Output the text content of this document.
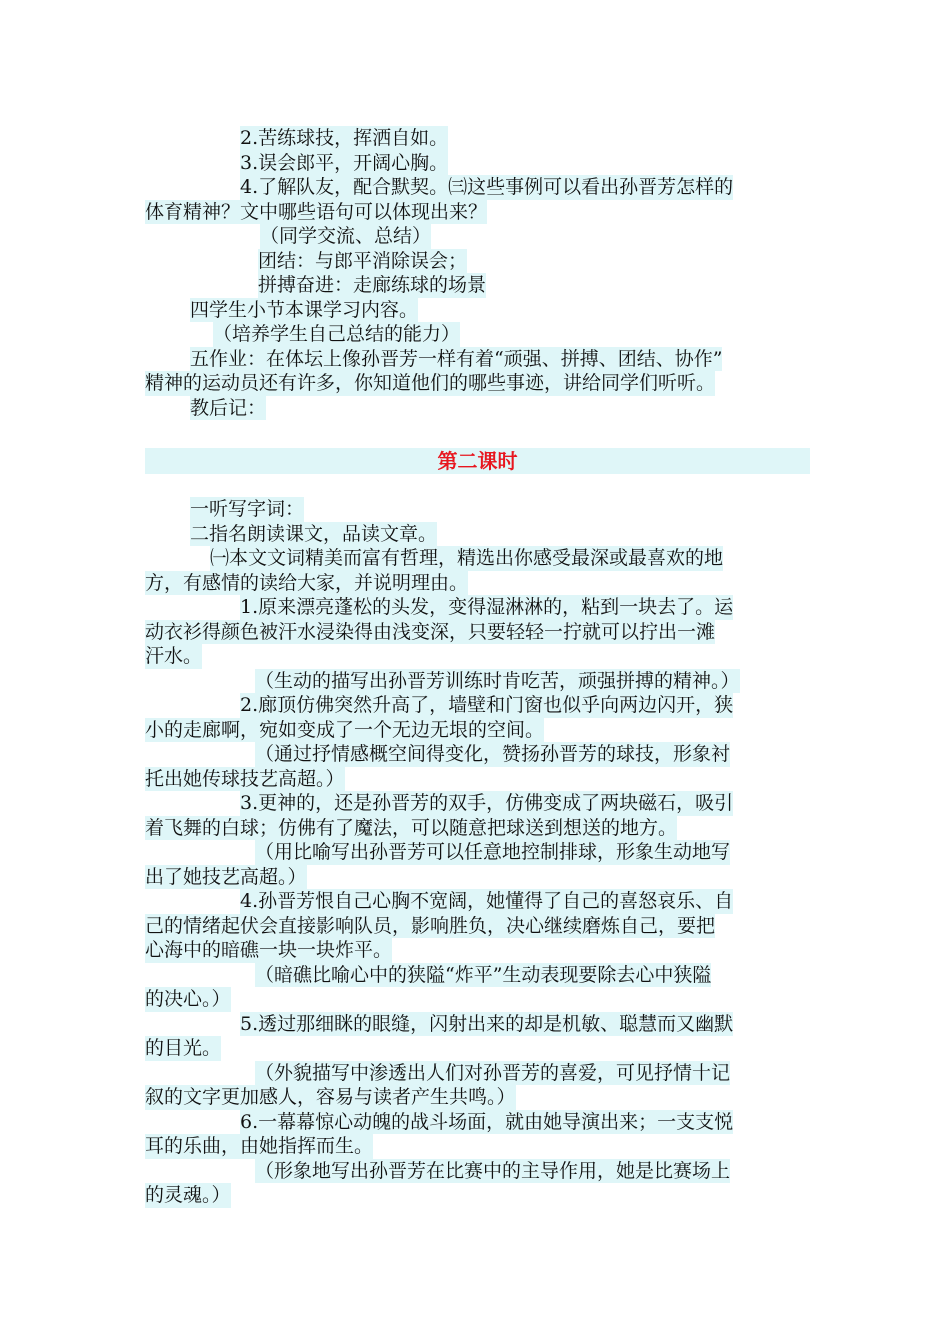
2.苦练球技，挥洒自如。
3.误会郎平，开阔心胸。
4.了解队友，配合默契。㈢这些事例可以看出孙晋芳怎样的
体育精神？文中哪些语句可以体现出来？
（同学交流、总结）
团结：与郎平消除误会；
拼搏奋进：走廊练球的场景
四学生小节本课学习内容。
（培养学生自己总结的能力）
五作业：在体坛上像孙晋芳一样有着“顽强、拼搏、团结、协作”
精神的运动员还有许多，你知道他们的哪些事迹，讲给同学们听听。
教后记：
第二课时
一听写字词：
二指名朗读课文，品读文章。
㈠本文文词精美而富有哲理，精选出你感受最深或最喜欢的地
方，有感情的读给大家，并说明理由。
1.原来漂亮蓬松的头发，变得湿淋淋的，粘到一块去了。运
动衣衫得颜色被汗水浸染得由浅变深，只要轻轻一拧就可以拧出一滩
汗水。
（生动的描写出孙晋芳训练时肯吃苦，顽强拼搏的精神。）
2.廊顶仿佛突然升高了，墙壁和门窗也似乎向两边闪开，狭
小的走廊啊，宛如变成了一个无边无垠的空间。
（通过抒情感概空间得变化，赞扬孙晋芳的球技，形象衬
托出她传球技艺高超。）
3.更神的，还是孙晋芳的双手，仿佛变成了两块磁石，吸引
着飞舞的白球；仿佛有了魔法，可以随意把球送到想送的地方。
（用比喻写出孙晋芳可以任意地控制排球，形象生动地写
出了她技艺高超。）
4.孙晋芳恨自己心胸不宽阔，她懂得了自己的喜怒哀乐、自
己的情绪起伏会直接影响队员，影响胜负，决心继续磨炼自己，要把
心海中的暗礁一块一块炸平。
（暗礁比喻心中的狭隘“炸平”生动表现要除去心中狭隘
的决心。）
5.透过那细眯的眼缝，闪射出来的却是机敏、聪慧而又幽默
的目光。
（外貌描写中渗透出人们对孙晋芳的喜爱，可见抒情十记
叙的文字更加感人，容易与读者产生共鸣。）
6.一幕幕惊心动魄的战斗场面，就由她导演出来；一支支悦
耳的乐曲，由她指挥而生。
（形象地写出孙晋芳在比赛中的主导作用，她是比赛场上
的灵魂。）
